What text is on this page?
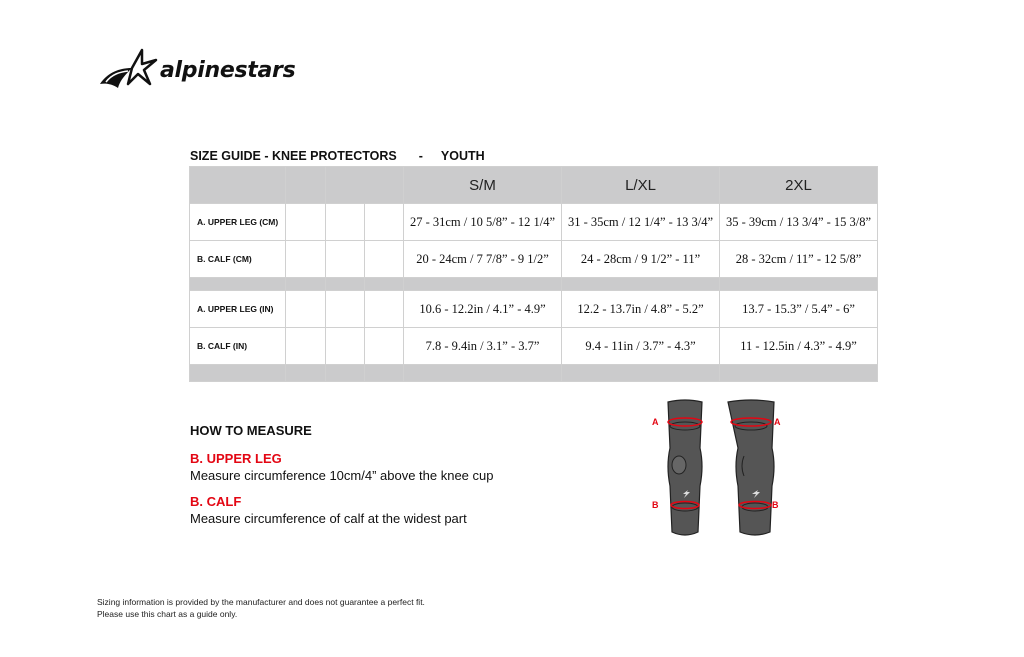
alpinestars
SIZE GUIDE - KNEE PROTECTORS - YOUTH
				S/M	L/XL	2XL
A. UPPER LEG (CM)				27 - 31cm / 10 5/8” - 12 1/4”	31 - 35cm / 12 1/4” - 13 3/4”	35 - 39cm / 13 3/4” - 15 3/8”
B. CALF (CM)				20 - 24cm / 7 7/8” - 9 1/2”	24 - 28cm / 9 1/2” - 11”	28 - 32cm / 11” - 12 5/8”

A. UPPER LEG (IN)				10.6 - 12.2in / 4.1” - 4.9”	12.2 - 13.7in / 4.8” - 5.2”	13.7 - 15.3” / 5.4” - 6”
B. CALF (IN)				7.8 - 9.4in / 3.1” - 3.7”	9.4 - 11in / 3.7” - 4.3”	11 - 12.5in / 4.3” - 4.9”

HOW TO MEASURE
B. UPPER LEG
Measure circumference 10cm/4” above the knee cup
B. CALF
Measure circumference of calf at the widest part
A	A
B	B
Sizing information is provided by the manufacturer and does not guarantee a perfect fit.
Please use this chart as a guide only.
